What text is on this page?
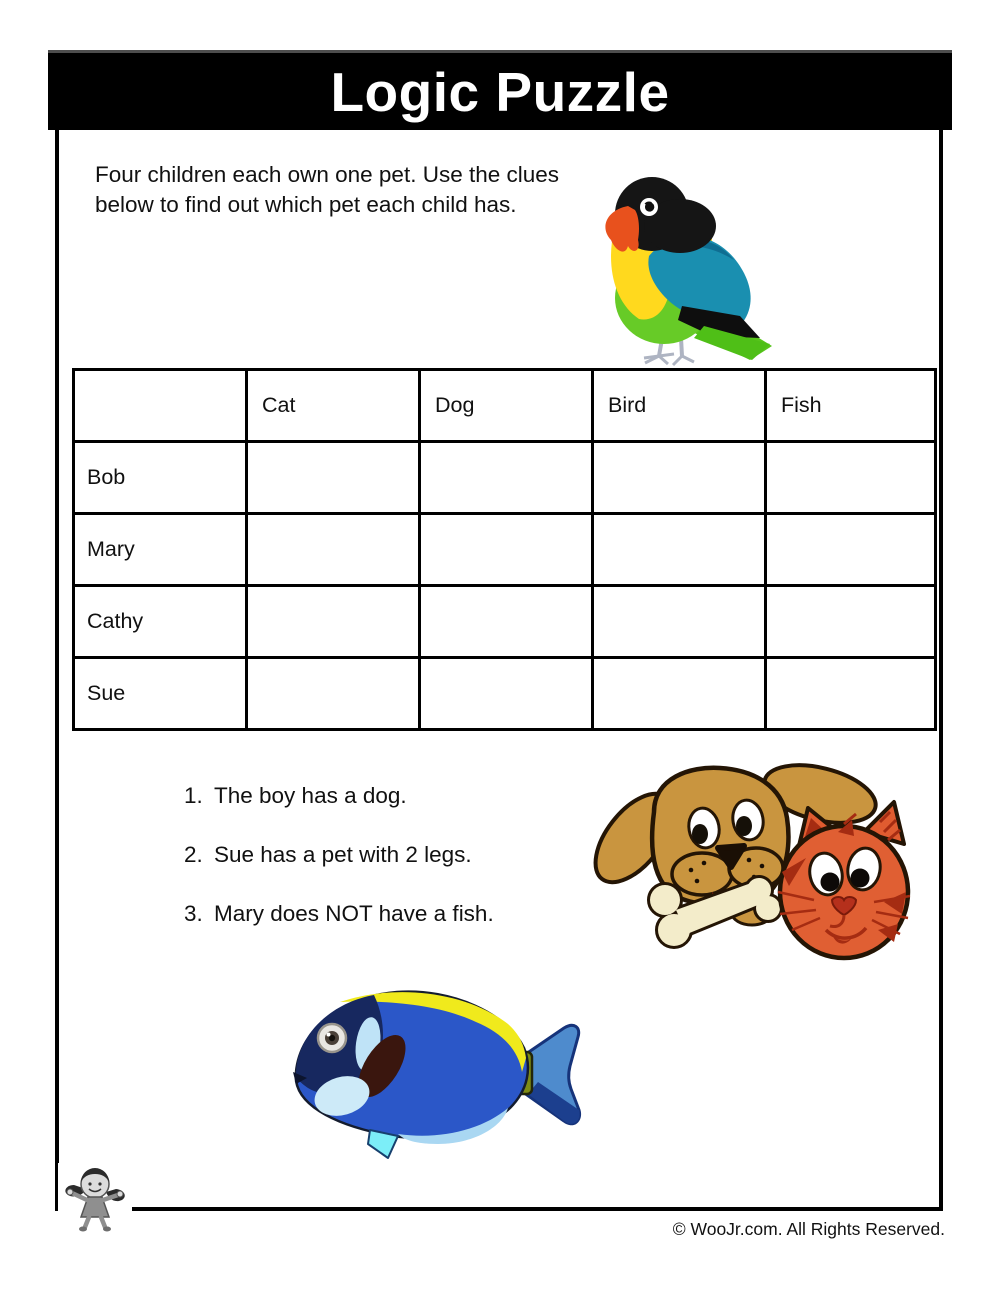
Logic Puzzle
Four children each own one pet. Use the clues
below to find out which pet each child has.
	Cat	Dog	Bird	Fish
Bob				
Mary				
Cathy				
Sue				
1. The boy has a dog.
2. Sue has a pet with 2 legs.
3. Mary does NOT have a fish.
© WooJr.com. All Rights Reserved.
